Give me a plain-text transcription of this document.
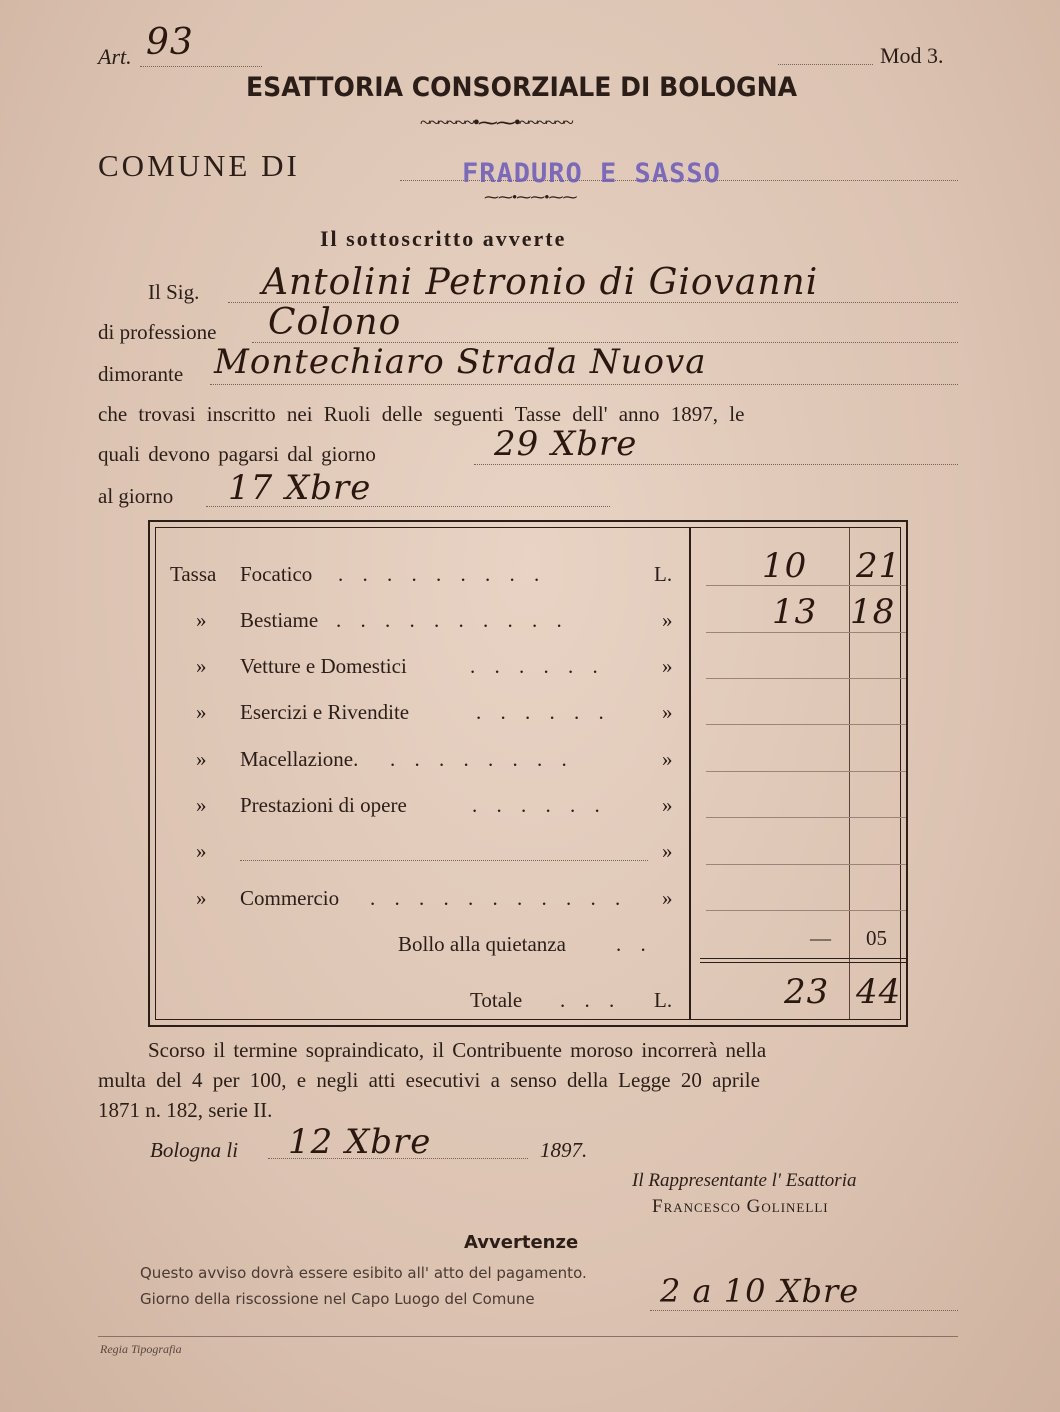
Art. 93	Mod 3.
ESATTORIA CONSORZIALE DI BOLOGNA
~~~~~~•⁓⁓•~~~~~~
COMUNE DI	FRADURO E SASSO
⁓⁓•⁓⁓•⁓⁓
Il sottoscritto avverte
Il Sig. Antolini Petronio di Giovanni
di professione Colono
dimorante Montechiaro Strada Nuova
che trovasi inscritto nei Ruoli delle seguenti Tasse dell' anno 1897, le
quali devono pagarsi dal giorno	29 Xbre
al giorno 17 Xbre
Tassa Focatico . . . . . . . . .	L.	10 21
» Bestiame . . . . . . . . . .	»	13 18
» Vetture e Domestici	. . . . . .	»
» Esercizi e Rivendite	. . . . . . »
» Macellazione. . . . . . . . .	»
» Prestazioni di opere	. . . . . .	»
»	»
» Commercio . . . . . . . . . . . »
Bollo alla quietanza . .	— 05
Totale . . . L.	23 44
Scorso il termine sopraindicato, il Contribuente moroso incorrerà nella
multa del 4 per 100, e negli atti esecutivi a senso della Legge 20 aprile
1871 n. 182, serie II.
Bologna li 12 Xbre	1897.
Il Rappresentante l' Esattoria
Francesco Golinelli
Avvertenze
Questo avviso dovrà essere esibito all' atto del pagamento.
Giorno della riscossione nel Capo Luogo del Comune	2 a 10 Xbre
Regia Tipografia
